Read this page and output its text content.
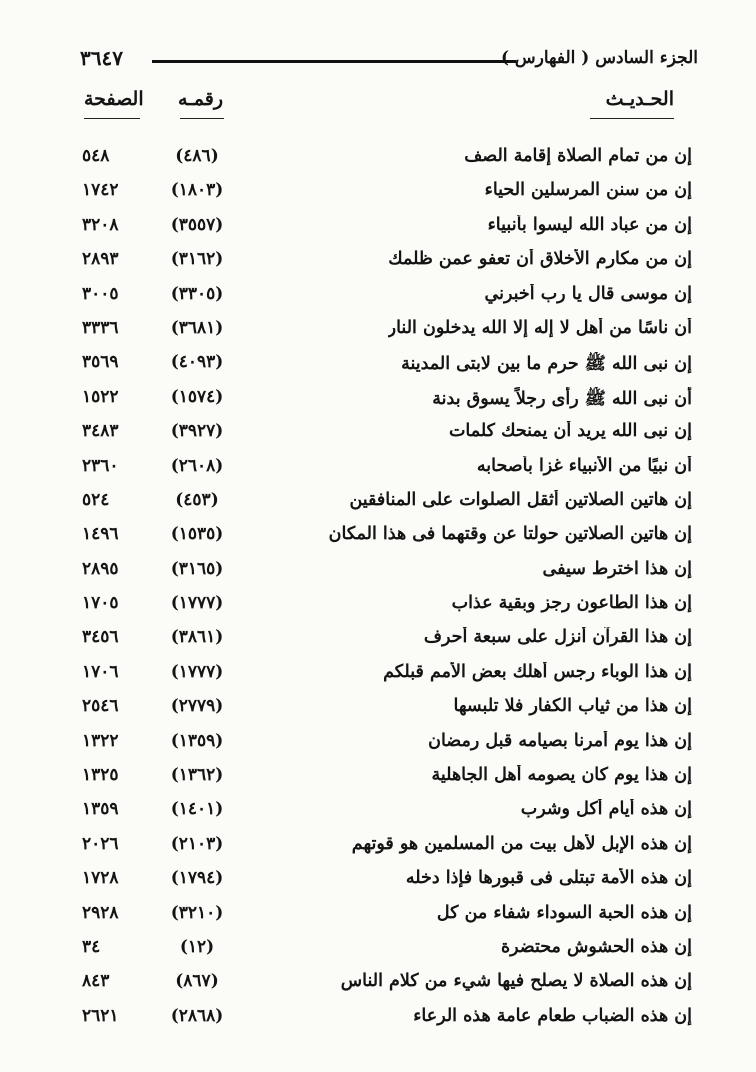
الجزء السادس ( الفهارس )
٣٦٤٧
الحـديـث
رقمـه
الصفحة
إن من تمام الصلاة إقامة الصف
(٤٨٦)
٥٤٨
إن من سنن المرسلين الحياء
(١٨٠٣)
١٧٤٢
إن من عباد الله ليسوا بأنبياء
(٣٥٥٧)
٣٢٠٨
إن من مكارم الأخلاق أن تعفو عمن ظلمك
(٣١٦٢)
٢٨٩٣
إن موسى قال يا رب أخبرني
(٣٣٠٥)
٣٠٠٥
أن ناسًا من أهل لا إله إلا الله يدخلون النار
(٣٦٨١)
٣٣٣٦
إن نبى الله ﷺ حرم ما بين لابتى المدينة
(٤٠٩٣)
٣٥٦٩
أن نبى الله ﷺ رأى رجلاً يسوق بدنة
(١٥٧٤)
١٥٢٢
إن نبى الله يريد أن يمنحك كلمات
(٣٩٢٧)
٣٤٨٣
أن نبيًا من الأنبياء غزا بأصحابه
(٢٦٠٨)
٢٣٦٠
إن هاتين الصلاتين أثقل الصلوات على المنافقين
(٤٥٣)
٥٢٤
إن هاتين الصلاتين حولتا عن وقتهما فى هذا المكان
(١٥٣٥)
١٤٩٦
إن هذا اخترط سيفى
(٣١٦٥)
٢٨٩٥
إن هذا الطاعون رجز وبقية عذاب
(١٧٧٧)
١٧٠٥
إن هذا القرآن أنزل على سبعة أحرف
(٣٨٦١)
٣٤٥٦
إن هذا الوباء رجس أهلك بعض الأمم قبلكم
(١٧٧٧)
١٧٠٦
إن هذا من ثياب الكفار فلا تلبسها
(٢٧٧٩)
٢٥٤٦
إن هذا يوم أمرنا بصيامه قبل رمضان
(١٣٥٩)
١٣٢٢
إن هذا يوم كان يصومه أهل الجاهلية
(١٣٦٢)
١٣٢٥
إن هذه أيام أكل وشرب
(١٤٠١)
١٣٥٩
إن هذه الإبل لأهل بيت من المسلمين هو قوتهم
(٢١٠٣)
٢٠٢٦
إن هذه الأمة تبتلى فى قبورها فإذا دخله
(١٧٩٤)
١٧٢٨
إن هذه الحبة السوداء شفاء من كل
(٣٢١٠)
٢٩٢٨
إن هذه الحشوش محتضرة
(١٢)
٣٤
إن هذه الصلاة لا يصلح فيها شيء من كلام الناس
(٨٦٧)
٨٤٣
إن هذه الضباب طعام عامة هذه الرعاء
(٢٨٦٨)
٢٦٢١
